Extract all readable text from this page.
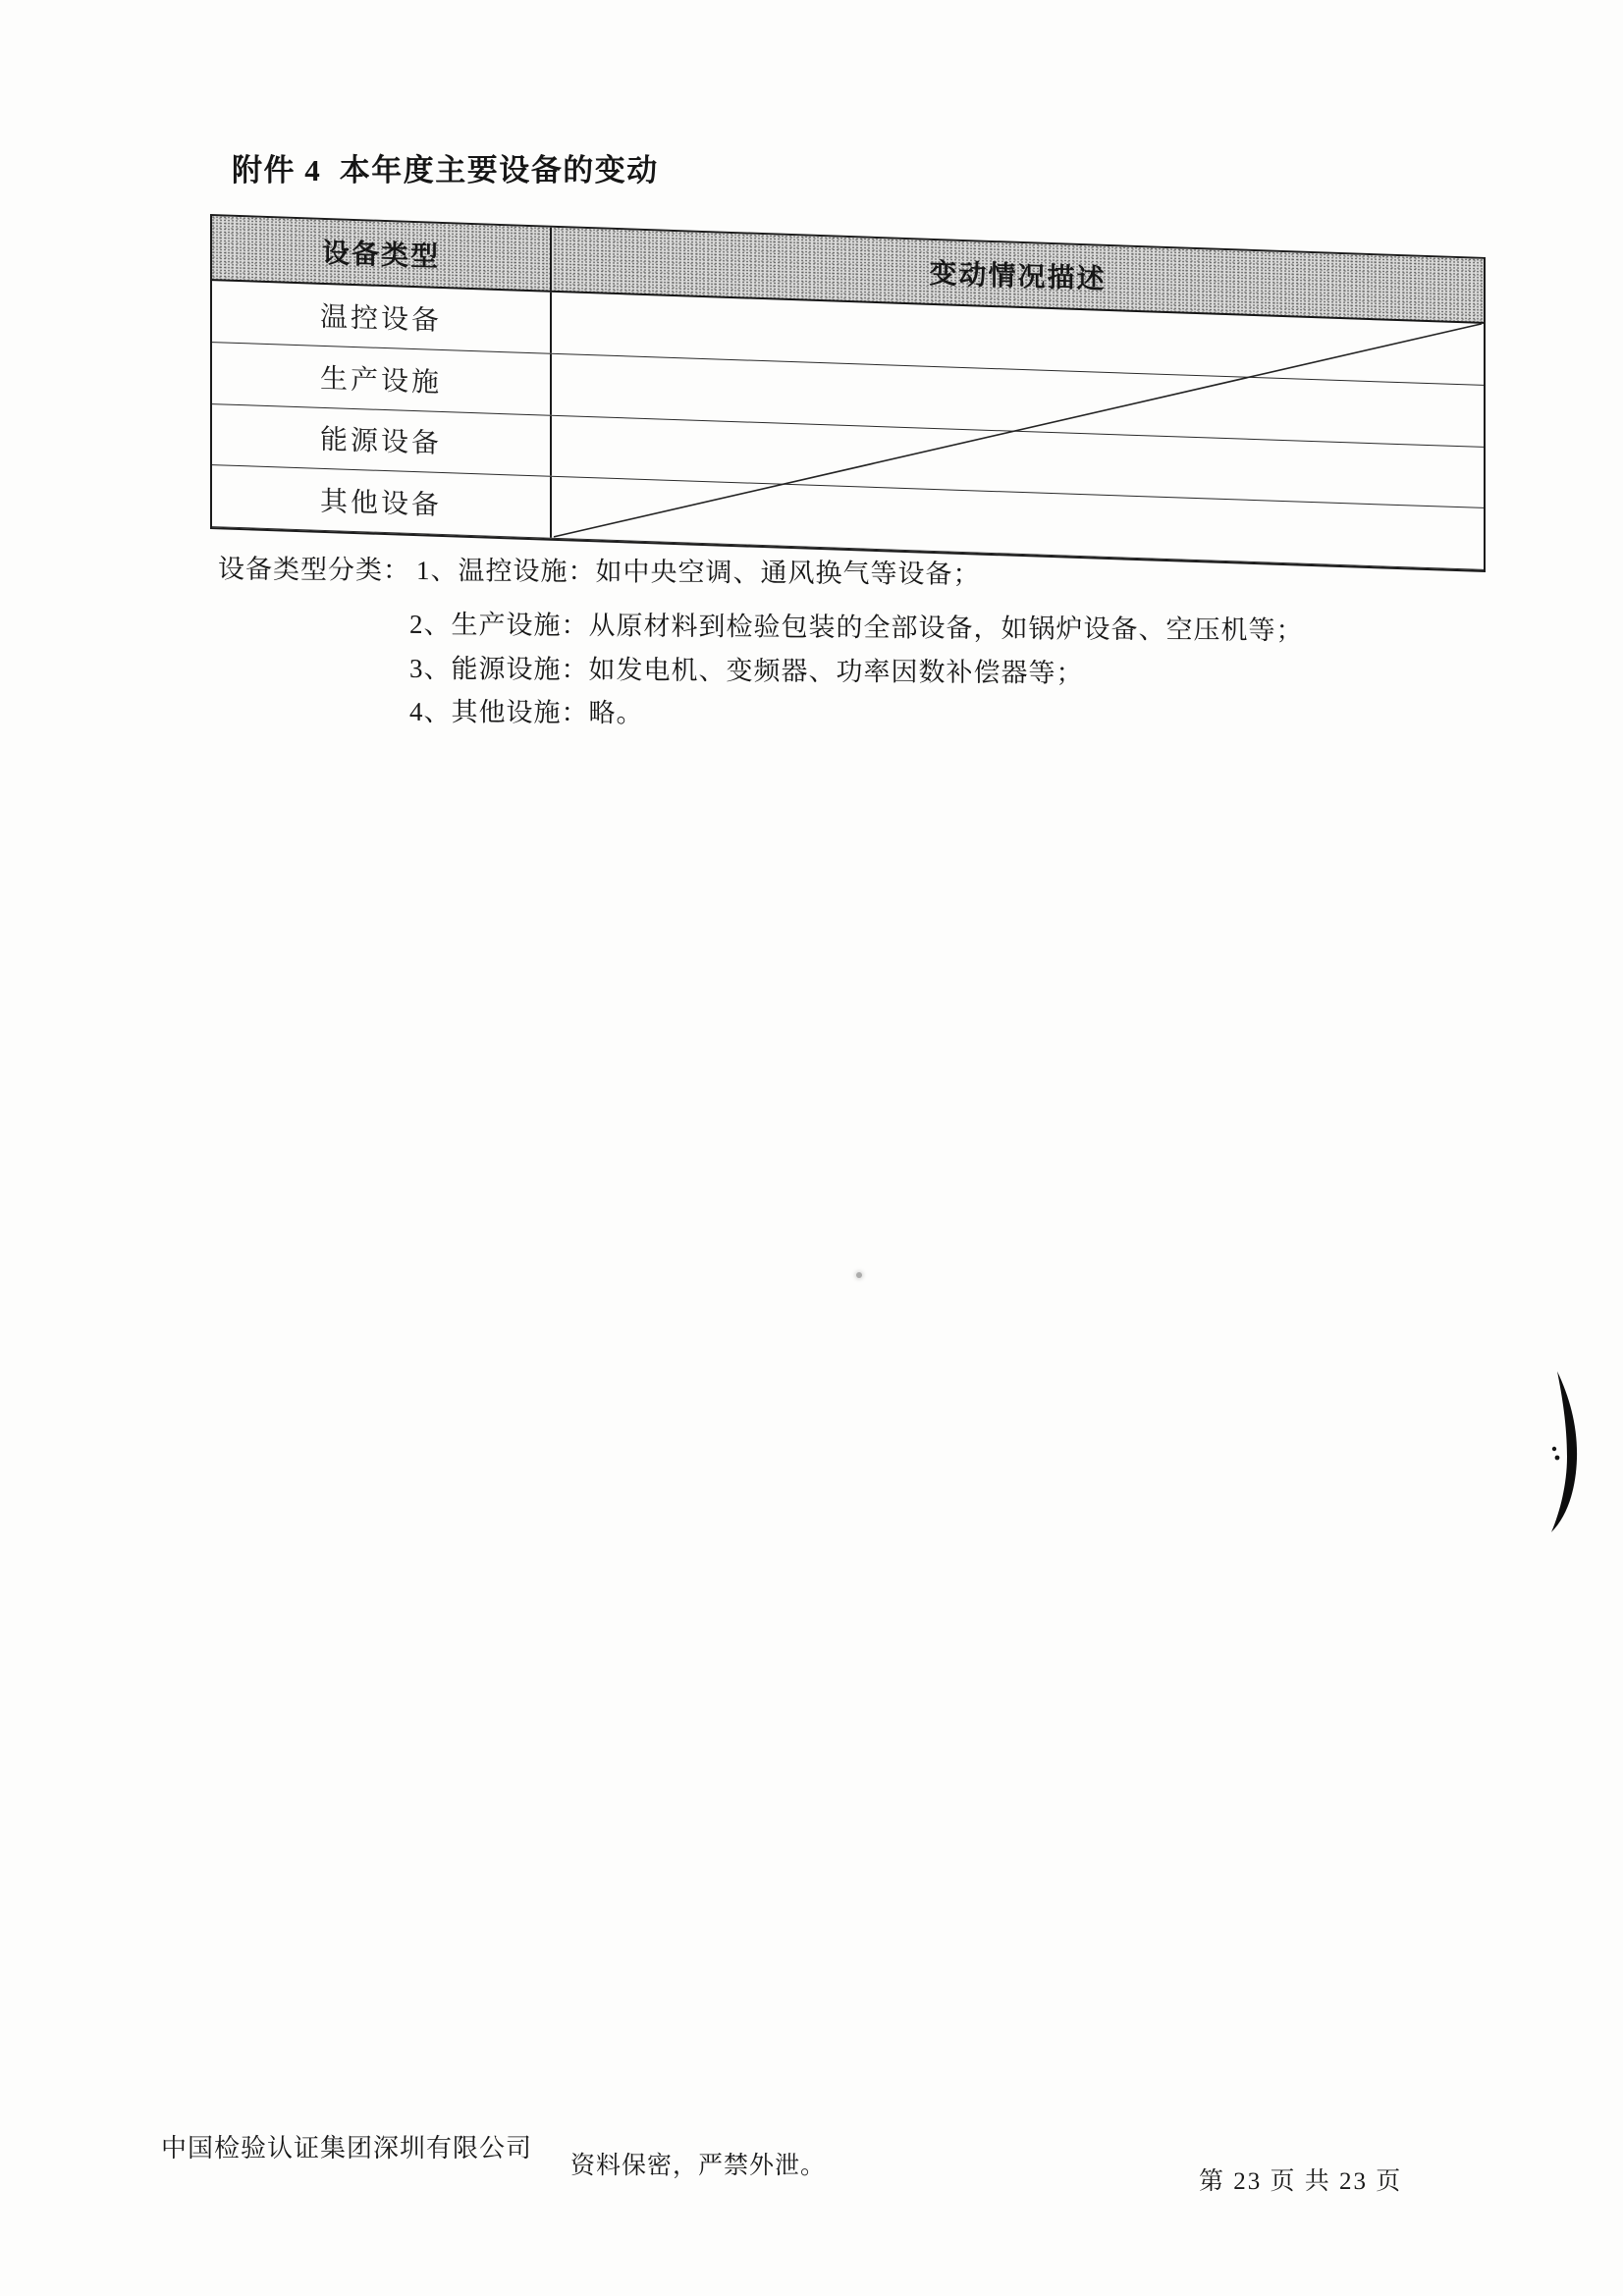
附件 4  本年度主要设备的变动
设备类型
变动情况描述
温控设备
生产设施
能源设备
其他设备
设备类型分类： 1、温控设施：如中央空调、通风换气等设备；
2、生产设施：从原材料到检验包装的全部设备，如锅炉设备、空压机等；
3、能源设施：如发电机、变频器、功率因数补偿器等；
4、其他设施：略。
中国检验认证集团深圳有限公司
资料保密，严禁外泄。
第 23 页 共 23 页
